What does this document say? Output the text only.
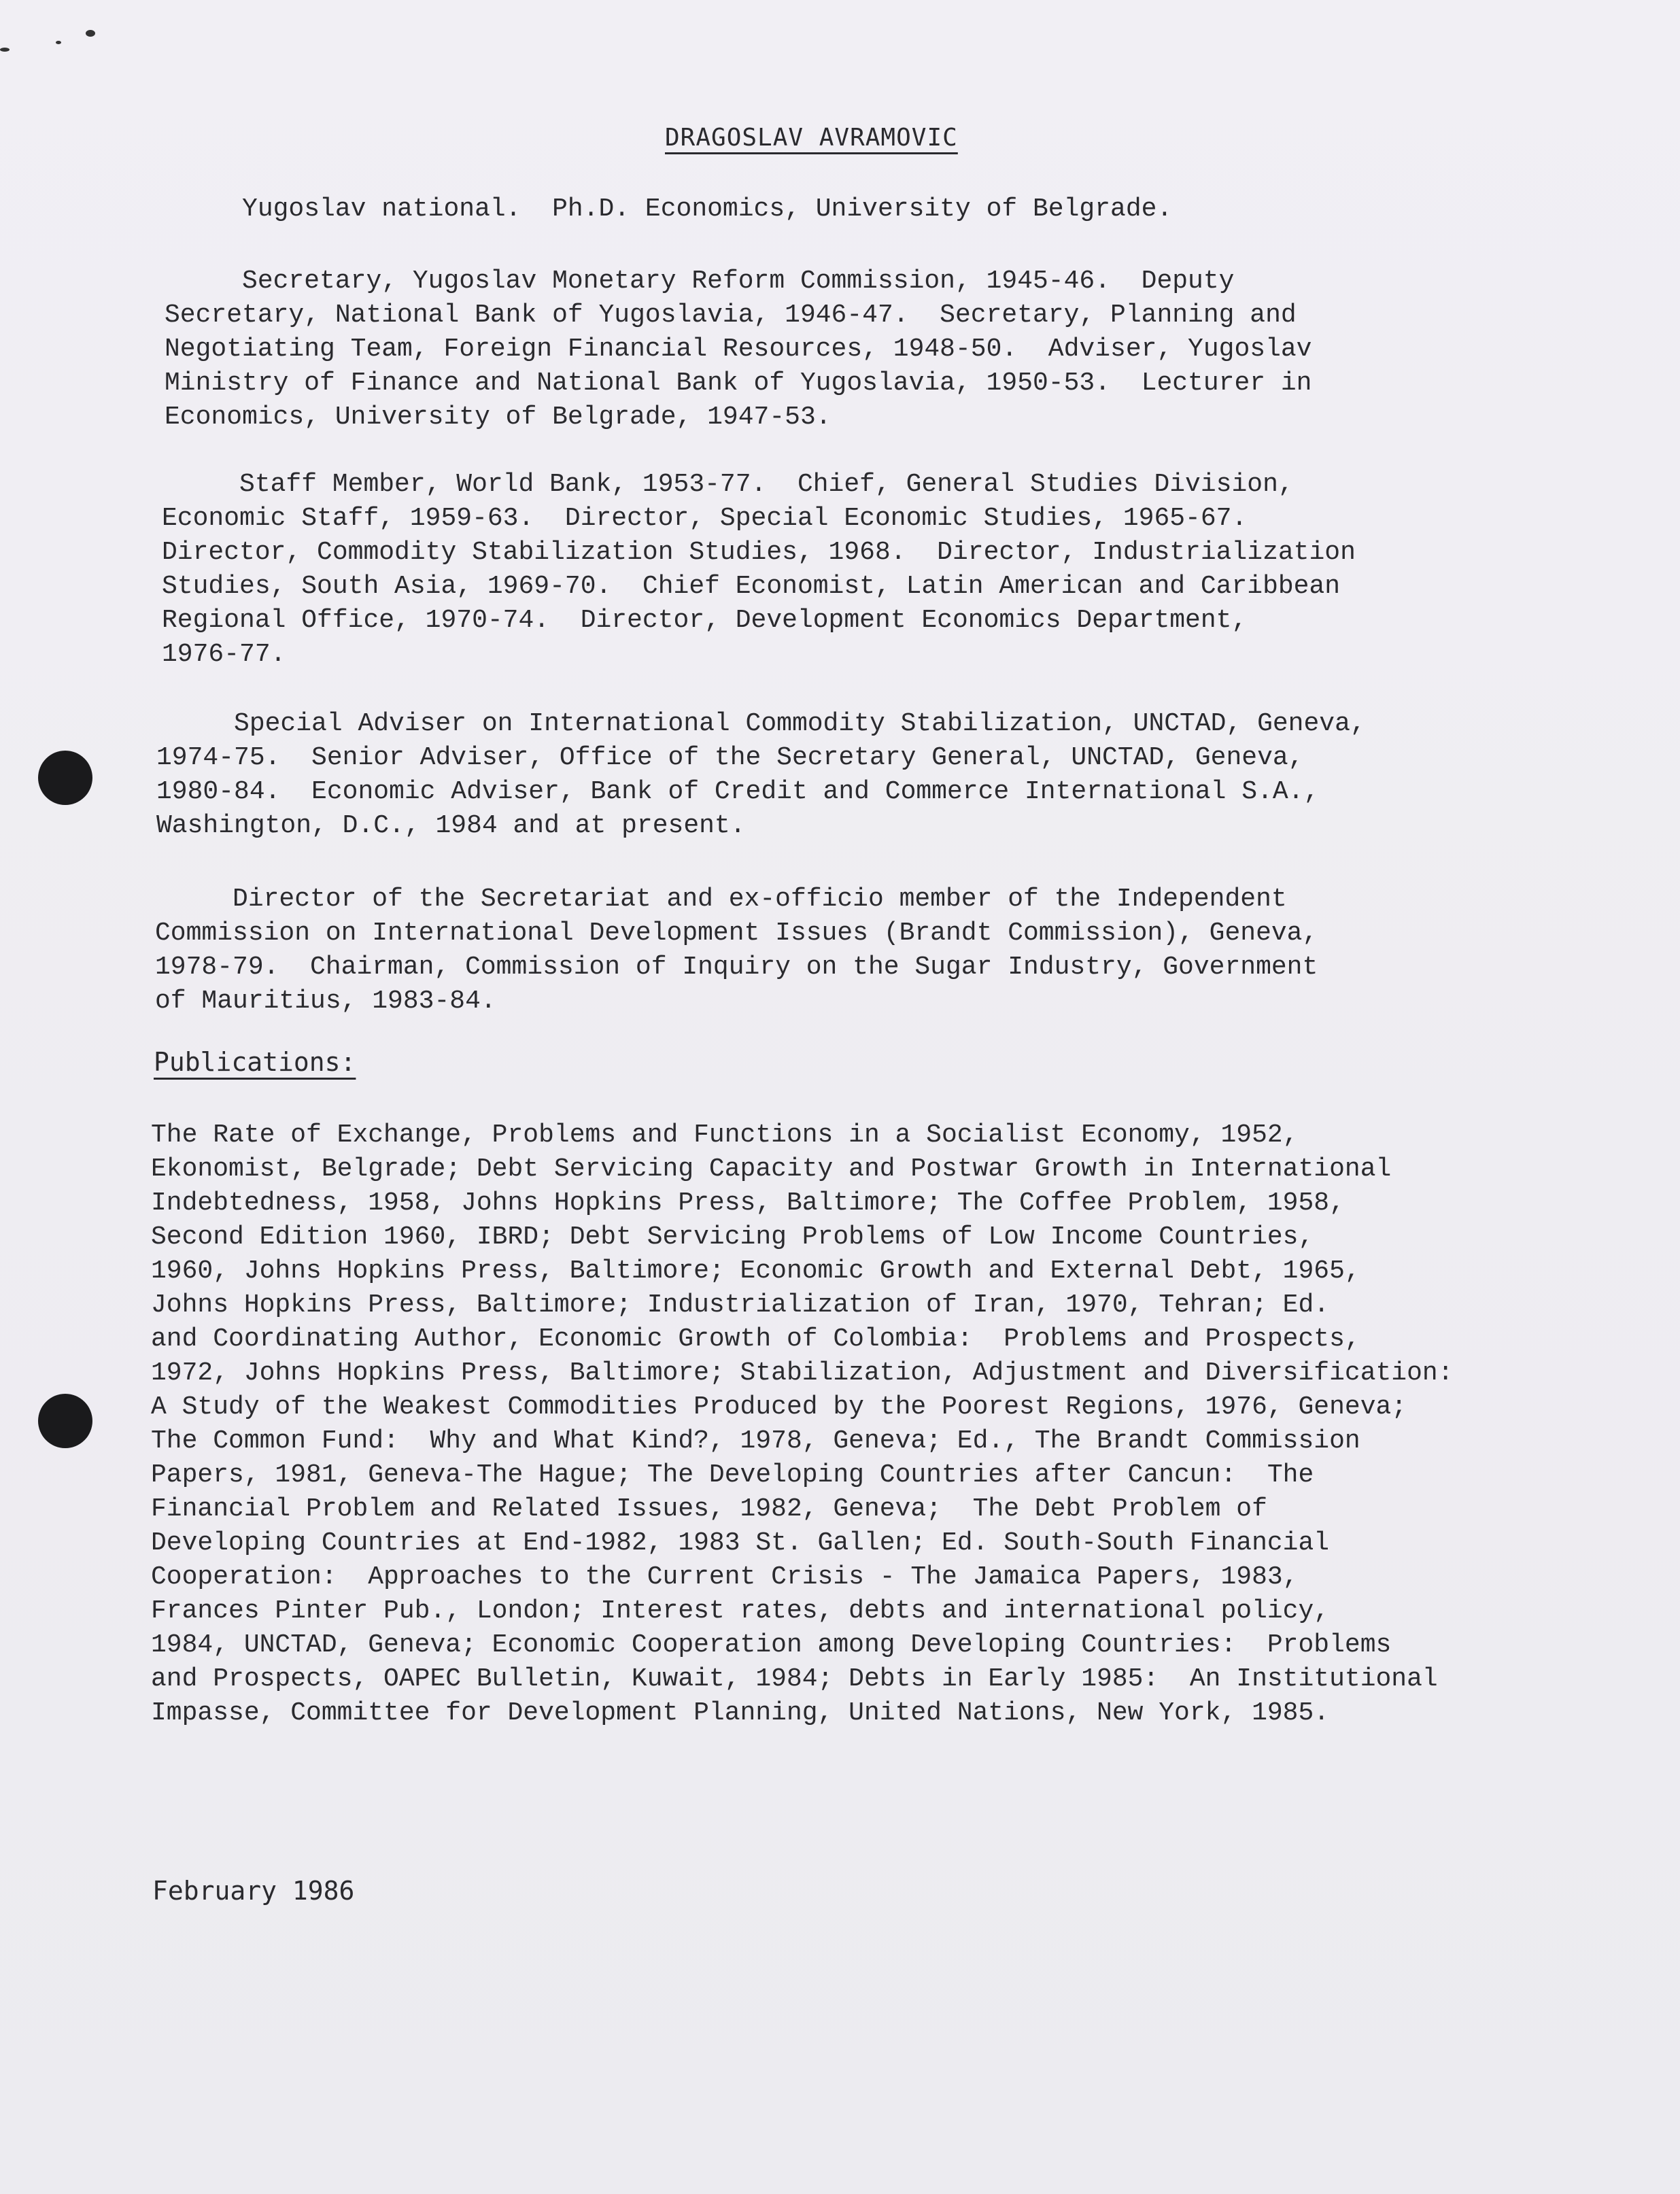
DRAGOSLAV AVRAMOVIC
Yugoslav national.  Ph.D. Economics, University of Belgrade.
Secretary, Yugoslav Monetary Reform Commission, 1945-46.  Deputy
Secretary, National Bank of Yugoslavia, 1946-47.  Secretary, Planning and
Negotiating Team, Foreign Financial Resources, 1948-50.  Adviser, Yugoslav
Ministry of Finance and National Bank of Yugoslavia, 1950-53.  Lecturer in
Economics, University of Belgrade, 1947-53.
Staff Member, World Bank, 1953-77.  Chief, General Studies Division,
Economic Staff, 1959-63.  Director, Special Economic Studies, 1965-67.
Director, Commodity Stabilization Studies, 1968.  Director, Industrialization
Studies, South Asia, 1969-70.  Chief Economist, Latin American and Caribbean
Regional Office, 1970-74.  Director, Development Economics Department,
1976-77.
Special Adviser on International Commodity Stabilization, UNCTAD, Geneva,
1974-75.  Senior Adviser, Office of the Secretary General, UNCTAD, Geneva,
1980-84.  Economic Adviser, Bank of Credit and Commerce International S.A.,
Washington, D.C., 1984 and at present.
Director of the Secretariat and ex-officio member of the Independent
Commission on International Development Issues (Brandt Commission), Geneva,
1978-79.  Chairman, Commission of Inquiry on the Sugar Industry, Government
of Mauritius, 1983-84.
Publications:
The Rate of Exchange, Problems and Functions in a Socialist Economy, 1952,
Ekonomist, Belgrade; Debt Servicing Capacity and Postwar Growth in International
Indebtedness, 1958, Johns Hopkins Press, Baltimore; The Coffee Problem, 1958,
Second Edition 1960, IBRD; Debt Servicing Problems of Low Income Countries,
1960, Johns Hopkins Press, Baltimore; Economic Growth and External Debt, 1965,
Johns Hopkins Press, Baltimore; Industrialization of Iran, 1970, Tehran; Ed.
and Coordinating Author, Economic Growth of Colombia:  Problems and Prospects,
1972, Johns Hopkins Press, Baltimore; Stabilization, Adjustment and Diversification:
A Study of the Weakest Commodities Produced by the Poorest Regions, 1976, Geneva;
The Common Fund:  Why and What Kind?, 1978, Geneva; Ed., The Brandt Commission
Papers, 1981, Geneva-The Hague; The Developing Countries after Cancun:  The
Financial Problem and Related Issues, 1982, Geneva;  The Debt Problem of
Developing Countries at End-1982, 1983 St. Gallen; Ed. South-South Financial
Cooperation:  Approaches to the Current Crisis - The Jamaica Papers, 1983,
Frances Pinter Pub., London; Interest rates, debts and international policy,
1984, UNCTAD, Geneva; Economic Cooperation among Developing Countries:  Problems
and Prospects, OAPEC Bulletin, Kuwait, 1984; Debts in Early 1985:  An Institutional
Impasse, Committee for Development Planning, United Nations, New York, 1985.
February 1986
